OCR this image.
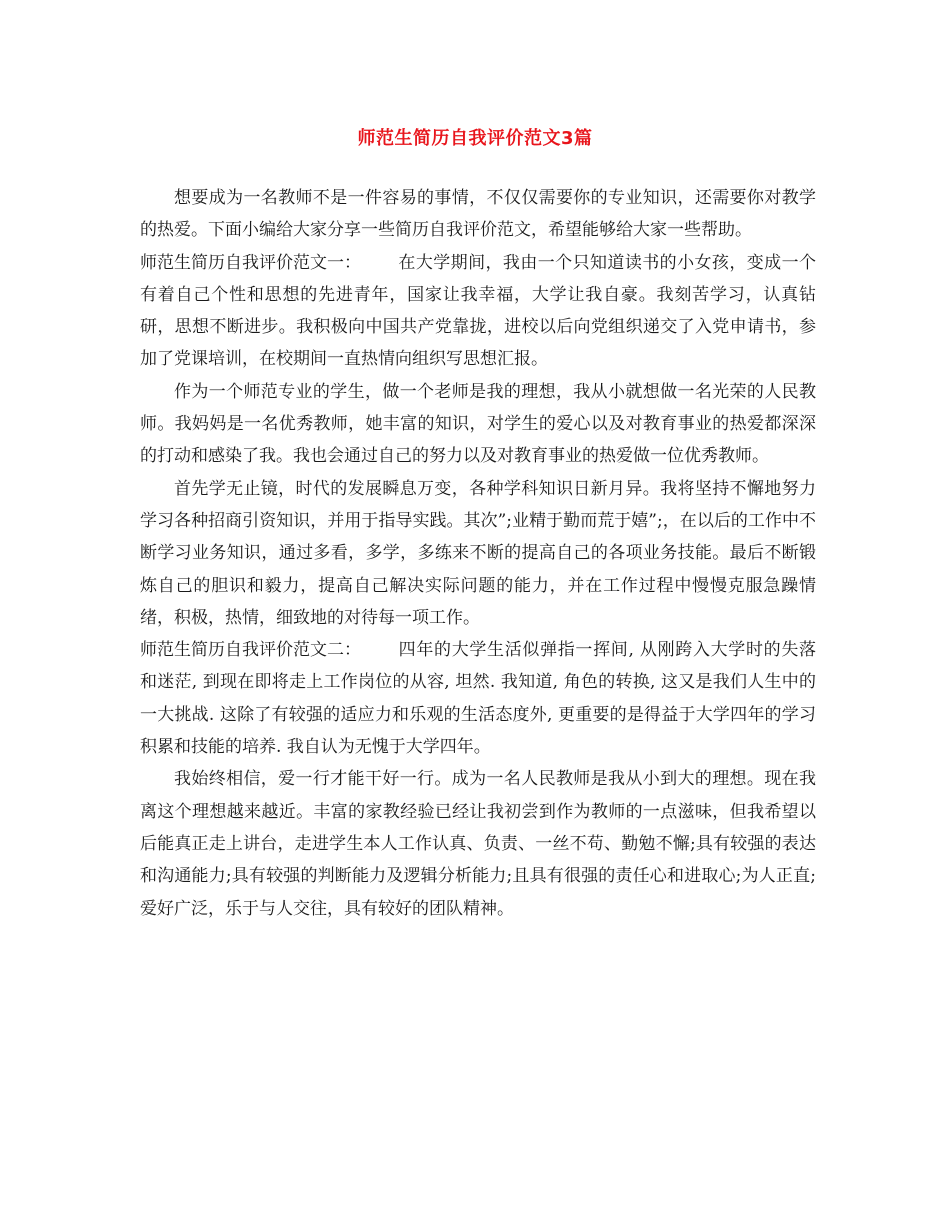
师范生简历自我评价范文3篇

想要成为一名教师不是一件容易的事情，不仅仅需要你的专业知识，还需要你对教学的热爱。下面小编给大家分享一些简历自我评价范文，希望能够给大家一些帮助。

师范生简历自我评价范文一： 在大学期间，我由一个只知道读书的小女孩，变成一个有着自己个性和思想的先进青年，国家让我幸福，大学让我自豪。我刻苦学习，认真钻研，思想不断进步。我积极向中国共产党靠拢，进校以后向党组织递交了入党申请书，参加了党课培训，在校期间一直热情向组织写思想汇报。

作为一个师范专业的学生，做一个老师是我的理想，我从小就想做一名光荣的人民教师。我妈妈是一名优秀教师，她丰富的知识，对学生的爱心以及对教育事业的热爱都深深的打动和感染了我。我也会通过自己的努力以及对教育事业的热爱做一位优秀教师。

首先学无止镜，时代的发展瞬息万变，各种学科知识日新月异。我将坚持不懈地努力学习各种招商引资知识，并用于指导实践。其次”;业精于勤而荒于嬉”;，在以后的工作中不断学习业务知识，通过多看，多学，多练来不断的提高自己的各项业务技能。最后不断锻炼自己的胆识和毅力，提高自己解决实际问题的能力，并在工作过程中慢慢克服急躁情绪，积极，热情，细致地的对待每一项工作。

师范生简历自我评价范文二： 四年的大学生活似弹指一挥间, 从刚跨入大学时的失落和迷茫, 到现在即将走上工作岗位的从容, 坦然. 我知道, 角色的转换, 这又是我们人生中的一大挑战. 这除了有较强的适应力和乐观的生活态度外, 更重要的是得益于大学四年的学习积累和技能的培养. 我自认为无愧于大学四年。

我始终相信，爱一行才能干好一行。成为一名人民教师是我从小到大的理想。现在我离这个理想越来越近。丰富的家教经验已经让我初尝到作为教师的一点滋味，但我希望以后能真正走上讲台，走进学生本人工作认真、负责、一丝不苟、勤勉不懈;具有较强的表达和沟通能力;具有较强的判断能力及逻辑分析能力;且具有很强的责任心和进取心;为人正直;爱好广泛，乐于与人交往，具有较好的团队精神。
